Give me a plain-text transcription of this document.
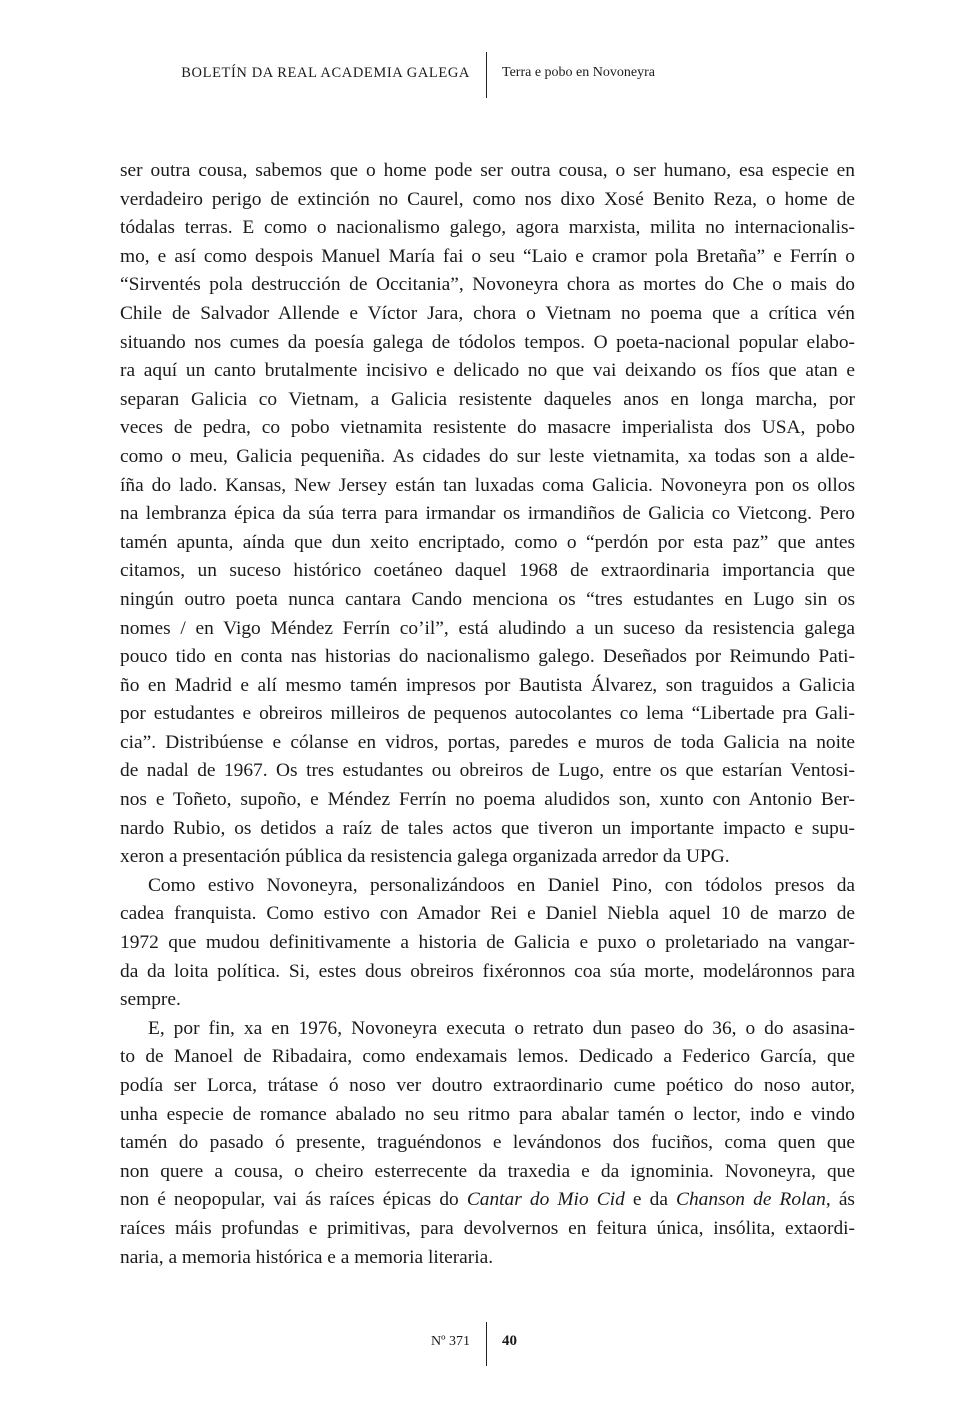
BOLETÍN DA REAL ACADEMIA GALEGA Terra e pobo en Novoneyra
ser outra cousa, sabemos que o home pode ser outra cousa, o ser humano, esa especie en
verdadeiro perigo de extinción no Caurel, como nos dixo Xosé Benito Reza, o home de
tódalas terras. E como o nacionalismo galego, agora marxista, milita no internacionalis-
mo, e así como despois Manuel María fai o seu “Laio e cramor pola Bretaña” e Ferrín o
“Sirventés pola destrucción de Occitania”, Novoneyra chora as mortes do Che o mais do
Chile de Salvador Allende e Víctor Jara, chora o Vietnam no poema que a crítica vén
situando nos cumes da poesía galega de tódolos tempos. O poeta-nacional popular elabo-
ra aquí un canto brutalmente incisivo e delicado no que vai deixando os fíos que atan e
separan Galicia co Vietnam, a Galicia resistente daqueles anos en longa marcha, por
veces de pedra, co pobo vietnamita resistente do masacre imperialista dos USA, pobo
como o meu, Galicia pequeniña. As cidades do sur leste vietnamita, xa todas son a alde-
íña do lado. Kansas, New Jersey están tan luxadas coma Galicia. Novoneyra pon os ollos
na lembranza épica da súa terra para irmandar os irmandiños de Galicia co Vietcong. Pero
tamén apunta, aínda que dun xeito encriptado, como o “perdón por esta paz” que antes
citamos, un suceso histórico coetáneo daquel 1968 de extraordinaria importancia que
ningún outro poeta nunca cantara Cando menciona os “tres estudantes en Lugo sin os
nomes / en Vigo Méndez Ferrín co’il”, está aludindo a un suceso da resistencia galega
pouco tido en conta nas historias do nacionalismo galego. Deseñados por Reimundo Pati-
ño en Madrid e alí mesmo tamén impresos por Bautista Álvarez, son traguidos a Galicia
por estudantes e obreiros milleiros de pequenos autocolantes co lema “Libertade pra Gali-
cia”. Distribúense e cólanse en vidros, portas, paredes e muros de toda Galicia na noite
de nadal de 1967. Os tres estudantes ou obreiros de Lugo, entre os que estarían Ventosi-
nos e Toñeto, supoño, e Méndez Ferrín no poema aludidos son, xunto con Antonio Ber-
nardo Rubio, os detidos a raíz de tales actos que tiveron un importante impacto e supu-
xeron a presentación pública da resistencia galega organizada arredor da UPG.
Como estivo Novoneyra, personalizándoos en Daniel Pino, con tódolos presos da
cadea franquista. Como estivo con Amador Rei e Daniel Niebla aquel 10 de marzo de
1972 que mudou definitivamente a historia de Galicia e puxo o proletariado na vangar-
da da loita política. Si, estes dous obreiros fixéronnos coa súa morte, modeláronnos para
sempre.
E, por fin, xa en 1976, Novoneyra executa o retrato dun paseo do 36, o do asasina-
to de Manoel de Ribadaira, como endexamais lemos. Dedicado a Federico García, que
podía ser Lorca, trátase ó noso ver doutro extraordinario cume poético do noso autor,
unha especie de romance abalado no seu ritmo para abalar tamén o lector, indo e vindo
tamén do pasado ó presente, traguéndonos e levándonos dos fuciños, coma quen que
non quere a cousa, o cheiro esterrecente da traxedia e da ignominia. Novoneyra, que
non é neopopular, vai ás raíces épicas do Cantar do Mio Cid e da Chanson de Rolan, ás
raíces máis profundas e primitivas, para devolvernos en feitura única, insólita, extaordi-
naria, a memoria histórica e a memoria literaria.
Nº 371 40
